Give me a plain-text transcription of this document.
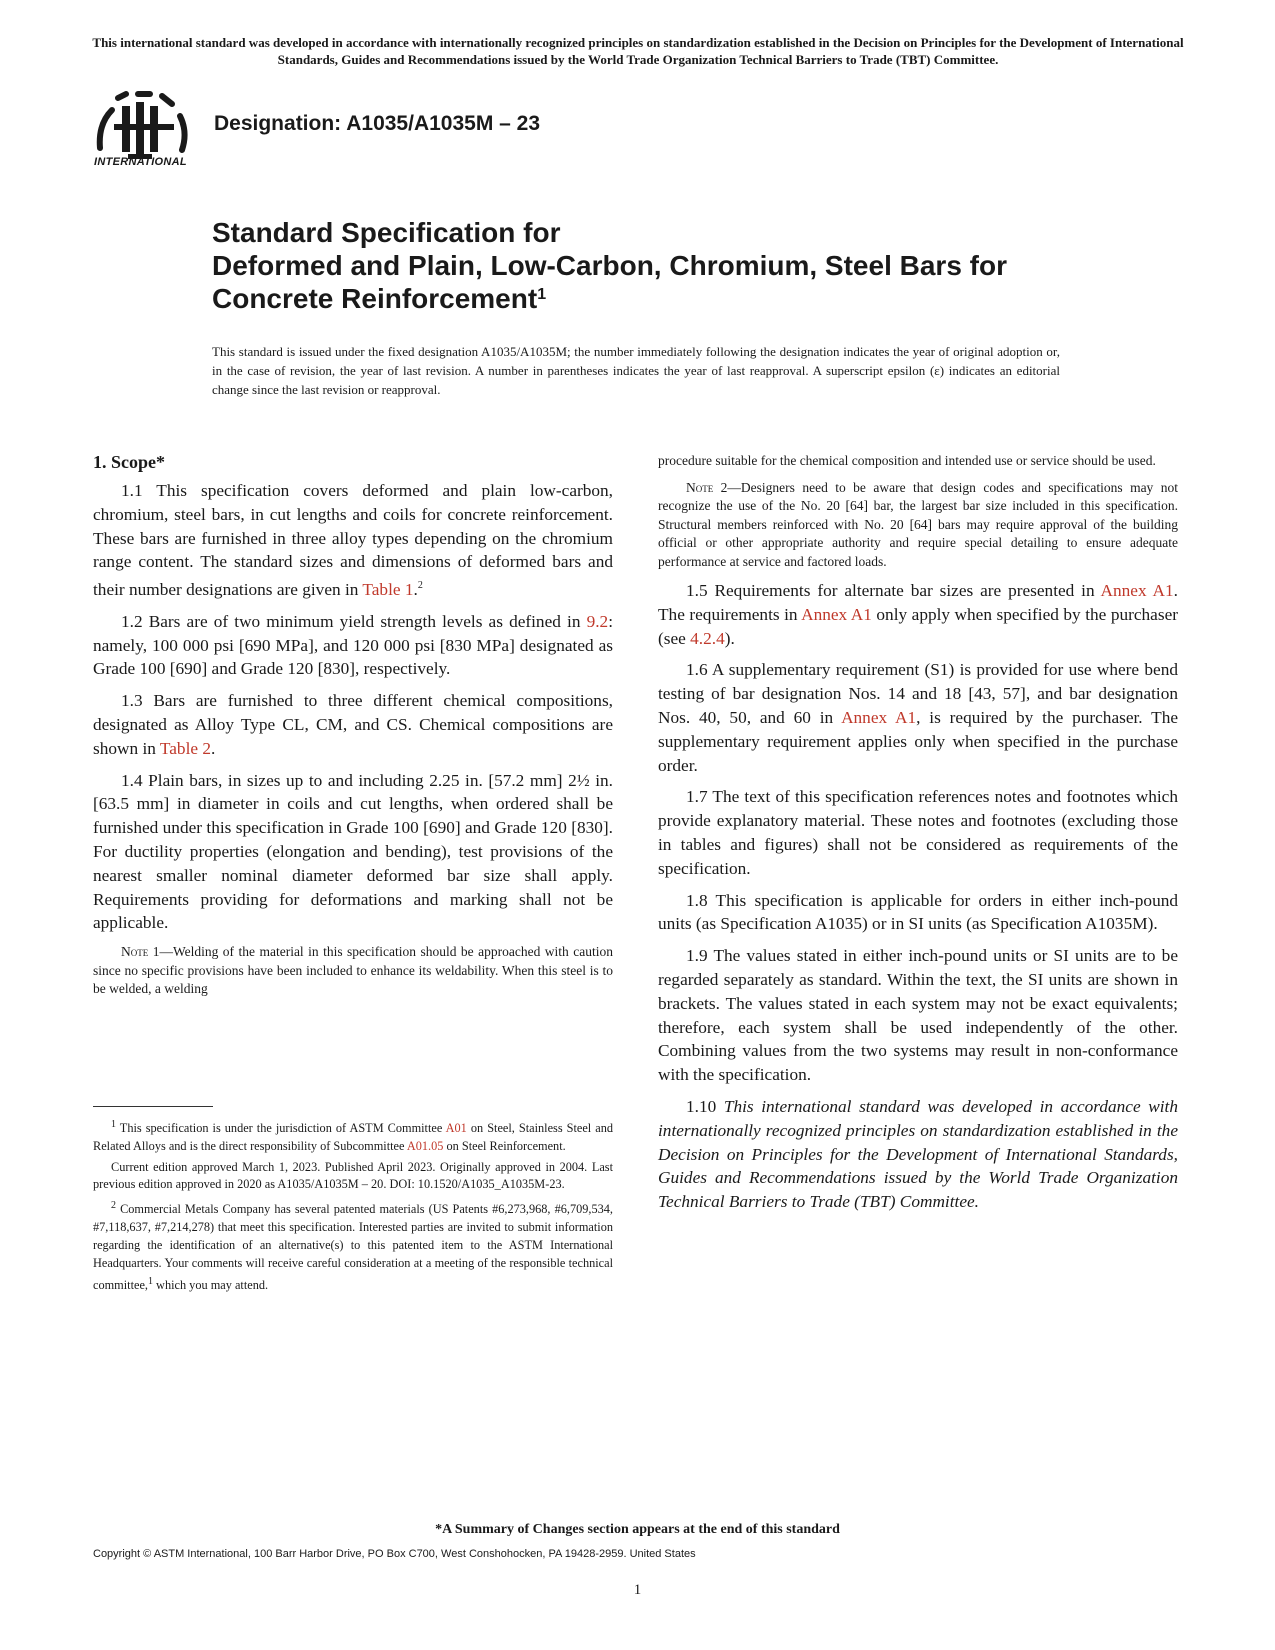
This international standard was developed in accordance with internationally recognized principles on standardization established in the Decision on Principles for the Development of International Standards, Guides and Recommendations issued by the World Trade Organization Technical Barriers to Trade (TBT) Committee.
INTERNATIONAL
Designation: A1035/A1035M – 23
Standard Specification for
Deformed and Plain, Low-Carbon, Chromium, Steel Bars for
Concrete Reinforcement$^1$
This standard is issued under the fixed designation A1035/A1035M; the number immediately following the designation indicates the year of original adoption or, in the case of revision, the year of last revision. A number in parentheses indicates the year of last reapproval. A superscript epsilon (ε) indicates an editorial change since the last revision or reapproval.
1. Scope*

1.1 This specification covers deformed and plain low-carbon, chromium, steel bars, in cut lengths and coils for concrete reinforcement. These bars are furnished in three alloy types depending on the chromium range content. The standard sizes and dimensions of deformed bars and their number designations are given in Table 1.$^2$

1.2 Bars are of two minimum yield strength levels as defined in 9.2: namely, 100 000 psi [690 MPa], and 120 000 psi [830 MPa] designated as Grade 100 [690] and Grade 120 [830], respectively.

1.3 Bars are furnished to three different chemical compositions, designated as Alloy Type CL, CM, and CS. Chemical compositions are shown in Table 2.

1.4 Plain bars, in sizes up to and including 2.25 in. [57.2 mm] 2½ in. [63.5 mm] in diameter in coils and cut lengths, when ordered shall be furnished under this specification in Grade 100 [690] and Grade 120 [830]. For ductility properties (elongation and bending), test provisions of the nearest smaller nominal diameter deformed bar size shall apply. Requirements providing for deformations and marking shall not be applicable.

Note 1—Welding of the material in this specification should be approached with caution since no specific provisions have been included to enhance its weldability. When this steel is to be welded, a welding

$^1$ This specification is under the jurisdiction of ASTM Committee A01 on Steel, Stainless Steel and Related Alloys and is the direct responsibility of Subcommittee A01.05 on Steel Reinforcement.

Current edition approved March 1, 2023. Published April 2023. Originally approved in 2004. Last previous edition approved in 2020 as A1035/A1035M – 20. DOI: 10.1520/A1035_A1035M-23.

$^2$ Commercial Metals Company has several patented materials (US Patents #6,273,968, #6,709,534, #7,118,637, #7,214,278) that meet this specification. Interested parties are invited to submit information regarding the identification of an alternative(s) to this patented item to the ASTM International Headquarters. Your comments will receive careful consideration at a meeting of the responsible technical committee,$^1$ which you may attend.

procedure suitable for the chemical composition and intended use or service should be used.

Note 2—Designers need to be aware that design codes and specifications may not recognize the use of the No. 20 [64] bar, the largest bar size included in this specification. Structural members reinforced with No. 20 [64] bars may require approval of the building official or other appropriate authority and require special detailing to ensure adequate performance at service and factored loads.

1.5 Requirements for alternate bar sizes are presented in Annex A1. The requirements in Annex A1 only apply when specified by the purchaser (see 4.2.4).

1.6 A supplementary requirement (S1) is provided for use where bend testing of bar designation Nos. 14 and 18 [43, 57], and bar designation Nos. 40, 50, and 60 in Annex A1, is required by the purchaser. The supplementary requirement applies only when specified in the purchase order.

1.7 The text of this specification references notes and footnotes which provide explanatory material. These notes and footnotes (excluding those in tables and figures) shall not be considered as requirements of the specification.

1.8 This specification is applicable for orders in either inch-pound units (as Specification A1035) or in SI units (as Specification A1035M).

1.9 The values stated in either inch-pound units or SI units are to be regarded separately as standard. Within the text, the SI units are shown in brackets. The values stated in each system may not be exact equivalents; therefore, each system shall be used independently of the other. Combining values from the two systems may result in non-conformance with the specification.

1.10 This international standard was developed in accordance with internationally recognized principles on standardization established in the Decision on Principles for the Development of International Standards, Guides and Recommendations issued by the World Trade Organization Technical Barriers to Trade (TBT) Committee.

*A Summary of Changes section appears at the end of this standard
Copyright © ASTM International, 100 Barr Harbor Drive, PO Box C700, West Conshohocken, PA 19428-2959. United States
1
